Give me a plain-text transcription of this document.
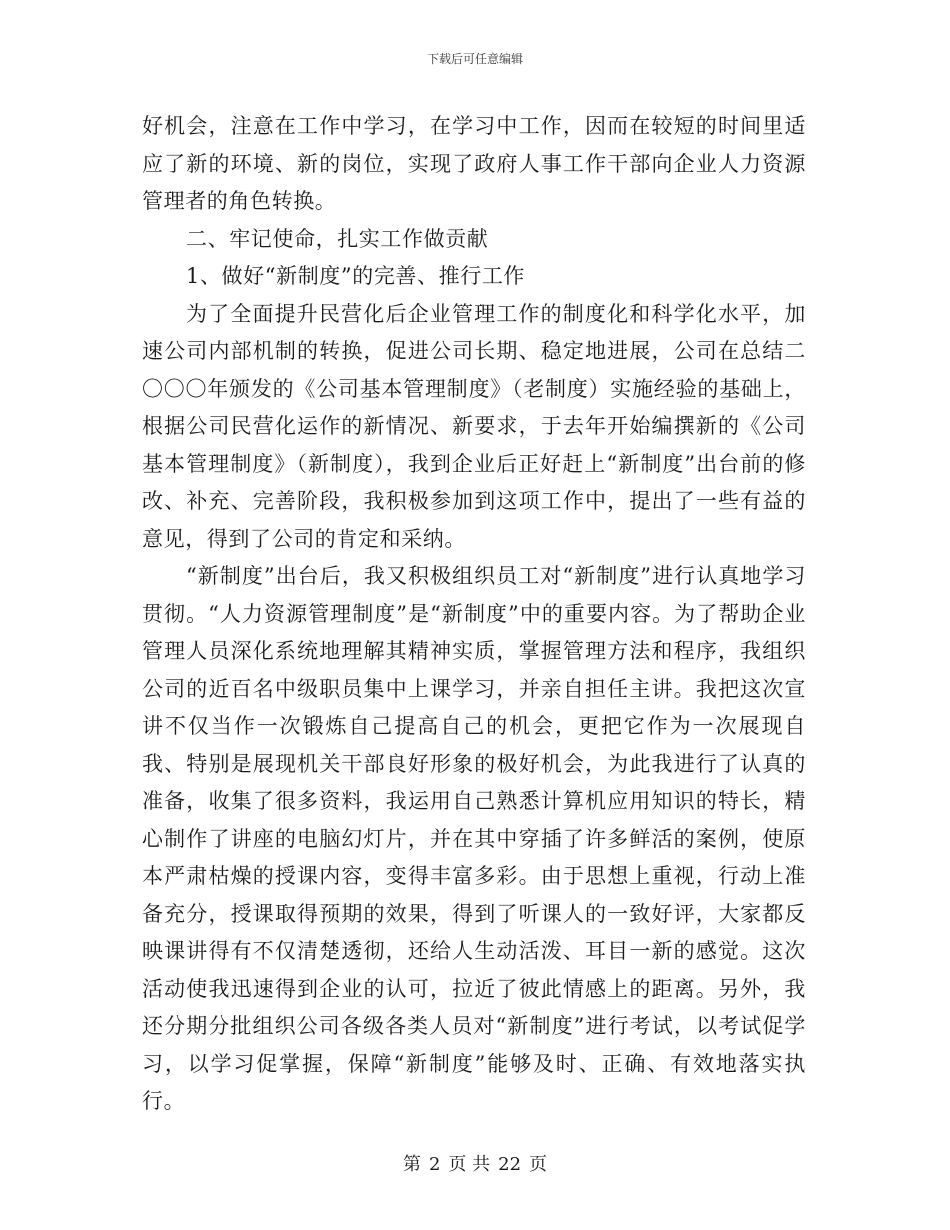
下载后可任意编辑

好机会，注意在工作中学习，在学习中工作，因而在较短的时间里适应了新的环境、新的岗位，实现了政府人事工作干部向企业人力资源管理者的角色转换。

二、牢记使命，扎实工作做贡献

1、做好“新制度”的完善、推行工作

为了全面提升民营化后企业管理工作的制度化和科学化水平，加速公司内部机制的转换，促进公司长期、稳定地进展，公司在总结二〇〇〇年颁发的《公司基本管理制度》（老制度）实施经验的基础上，根据公司民营化运作的新情况、新要求，于去年开始编撰新的《公司基本管理制度》（新制度），我到企业后正好赶上“新制度”出台前的修改、补充、完善阶段，我积极参加到这项工作中，提出了一些有益的意见，得到了公司的肯定和采纳。

“新制度”出台后，我又积极组织员工对“新制度”进行认真地学习贯彻。“人力资源管理制度”是“新制度”中的重要内容。为了帮助企业管理人员深化系统地理解其精神实质，掌握管理方法和程序，我组织公司的近百名中级职员集中上课学习，并亲自担任主讲。我把这次宣讲不仅当作一次锻炼自己提高自己的机会，更把它作为一次展现自我、特别是展现机关干部良好形象的极好机会，为此我进行了认真的准备，收集了很多资料，我运用自己熟悉计算机应用知识的特长，精心制作了讲座的电脑幻灯片，并在其中穿插了许多鲜活的案例，使原本严肃枯燥的授课内容，变得丰富多彩。由于思想上重视，行动上准备充分，授课取得预期的效果，得到了听课人的一致好评，大家都反映课讲得有不仅清楚透彻，还给人生动活泼、耳目一新的感觉。这次活动使我迅速得到企业的认可，拉近了彼此情感上的距离。另外，我还分期分批组织公司各级各类人员对“新制度”进行考试，以考试促学习，以学习促掌握，保障“新制度”能够及时、正确、有效地落实执行。

第 2 页 共 22 页
